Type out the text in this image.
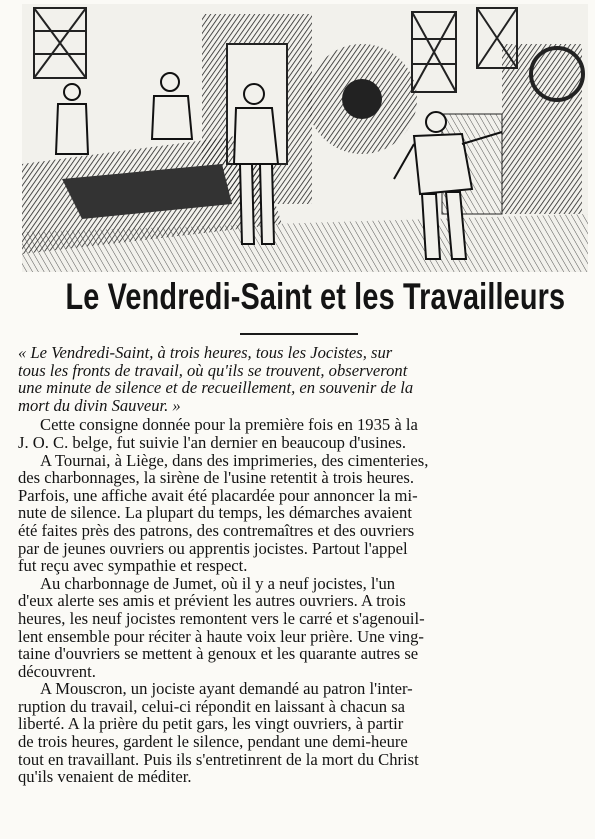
Le Vendredi-Saint et les Travailleurs
« Le Vendredi-Saint, à trois heures, tous les Jocistes, sur
tous les fronts de travail, où qu'ils se trouvent, observeront
une minute de silence et de recueillement, en souvenir de la
mort du divin Sauveur. »
Cette consigne donnée pour la première fois en 1935 à la
J. O. C. belge, fut suivie l'an dernier en beaucoup d'usines.
A Tournai, à Liège, dans des imprimeries, des cimenteries,
des charbonnages, la sirène de l'usine retentit à trois heures.
Parfois, une affiche avait été placardée pour annoncer la mi-
nute de silence. La plupart du temps, les démarches avaient
été faites près des patrons, des contremaîtres et des ouvriers
par de jeunes ouvriers ou apprentis jocistes. Partout l'appel
fut reçu avec sympathie et respect.
Au charbonnage de Jumet, où il y a neuf jocistes, l'un
d'eux alerte ses amis et prévient les autres ouvriers. A trois
heures, les neuf jocistes remontent vers le carré et s'agenouil-
lent ensemble pour réciter à haute voix leur prière. Une ving-
taine d'ouvriers se mettent à genoux et les quarante autres se
découvrent.
A Mouscron, un jociste ayant demandé au patron l'inter-
ruption du travail, celui-ci répondit en laissant à chacun sa
liberté. A la prière du petit gars, les vingt ouvriers, à partir
de trois heures, gardent le silence, pendant une demi-heure
tout en travaillant. Puis ils s'entretinrent de la mort du Christ
qu'ils venaient de méditer.
